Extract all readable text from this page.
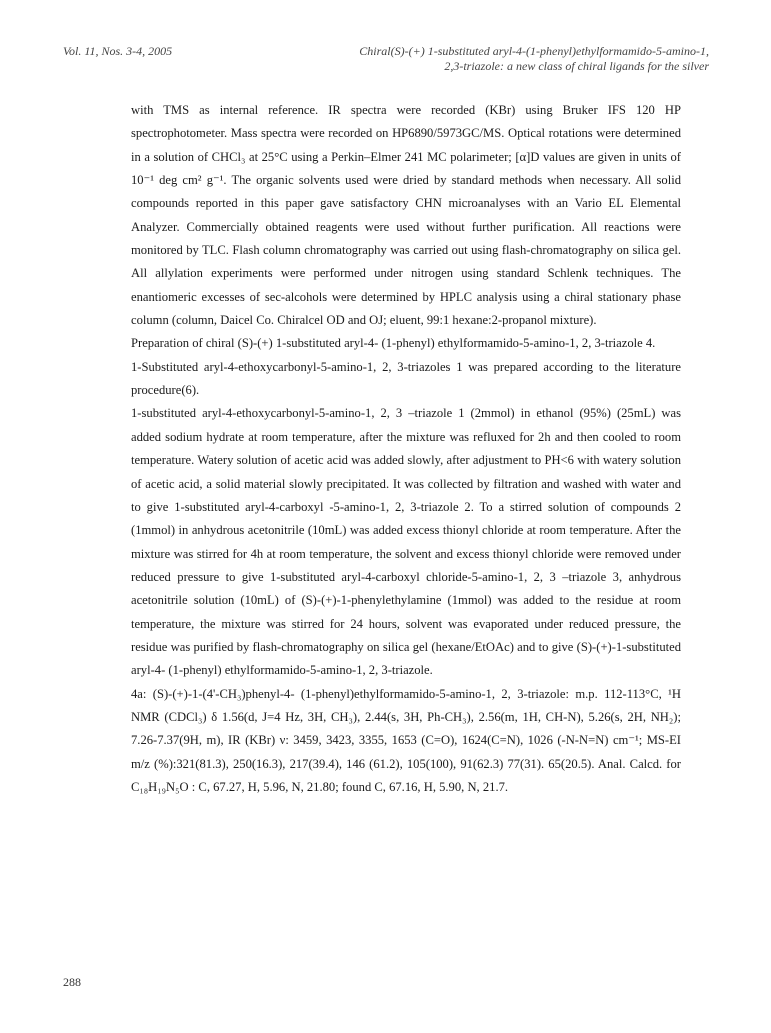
Vol. 11, Nos. 3-4, 2005	Chiral(S)-(+) 1-substituted aryl-4-(1-phenyl)ethylformamido-5-amino-1,
2,3-triazole: a new class of chiral ligands for the silver

with TMS as internal reference. IR spectra were recorded (KBr) using Bruker IFS 120 HP spectrophotometer. Mass spectra were recorded on HP6890/5973GC/MS. Optical rotations were determined in a solution of CHCl₃ at 25°C using a Perkin–Elmer 241 MC polarimeter; [α]D values are given in units of 10⁻¹ deg cm² g⁻¹. The organic solvents used were dried by standard methods when necessary. All solid compounds reported in this paper gave satisfactory CHN microanalyses with an Vario EL Elemental Analyzer. Commercially obtained reagents were used without further purification. All reactions were monitored by TLC. Flash column chromatography was carried out using flash-chromatography on silica gel. All allylation experiments were performed under nitrogen using standard Schlenk techniques. The enantiomeric excesses of sec-alcohols were determined by HPLC analysis using a chiral stationary phase column (column, Daicel Co. Chiralcel OD and OJ; eluent, 99:1 hexane:2-propanol mixture).

Preparation of chiral (S)-(+) 1-substituted aryl-4- (1-phenyl) ethylformamido-5-amino-1, 2, 3-triazole 4.

1-Substituted aryl-4-ethoxycarbonyl-5-amino-1, 2, 3-triazoles 1 was prepared according to the literature procedure(6).

1-substituted aryl-4-ethoxycarbonyl-5-amino-1, 2, 3 –triazole 1 (2mmol) in ethanol (95%) (25mL) was added sodium hydrate at room temperature, after the mixture was refluxed for 2h and then cooled to room temperature. Watery solution of acetic acid was added slowly, after adjustment to PH<6 with watery solution of acetic acid, a solid material slowly precipitated. It was collected by filtration and washed with water and to give 1-substituted aryl-4-carboxyl -5-amino-1, 2, 3-triazole 2. To a stirred solution of compounds 2 (1mmol) in anhydrous acetonitrile (10mL) was added excess thionyl chloride at room temperature. After the mixture was stirred for 4h at room temperature, the solvent and excess thionyl chloride were removed under reduced pressure to give 1-substituted aryl-4-carboxyl chloride-5-amino-1, 2, 3 –triazole 3, anhydrous acetonitrile solution (10mL) of (S)-(+)-1-phenylethylamine (1mmol) was added to the residue at room temperature, the mixture was stirred for 24 hours, solvent was evaporated under reduced pressure, the residue was purified by flash-chromatography on silica gel (hexane/EtOAc) and to give (S)-(+)-1-substituted aryl-4- (1-phenyl) ethylformamido-5-amino-1, 2, 3-triazole.

4a: (S)-(+)-1-(4'-CH₃)phenyl-4- (1-phenyl)ethylformamido-5-amino-1, 2, 3-triazole: m.p. 112-113°C, ¹H NMR (CDCl₃) δ 1.56(d, J=4 Hz, 3H, CH₃), 2.44(s, 3H, Ph-CH₃), 2.56(m, 1H, CH-N), 5.26(s, 2H, NH₂); 7.26-7.37(9H, m), IR (KBr) ν: 3459, 3423, 3355, 1653 (C=O), 1624(C=N), 1026 (-N-N=N) cm⁻¹; MS-EI m/z (%):321(81.3), 250(16.3), 217(39.4), 146 (61.2), 105(100), 91(62.3) 77(31). 65(20.5). Anal. Calcd. for C₁₈H₁₉N₅O : C, 67.27, H, 5.96, N, 21.80; found C, 67.16, H, 5.90, N, 21.7.

288
